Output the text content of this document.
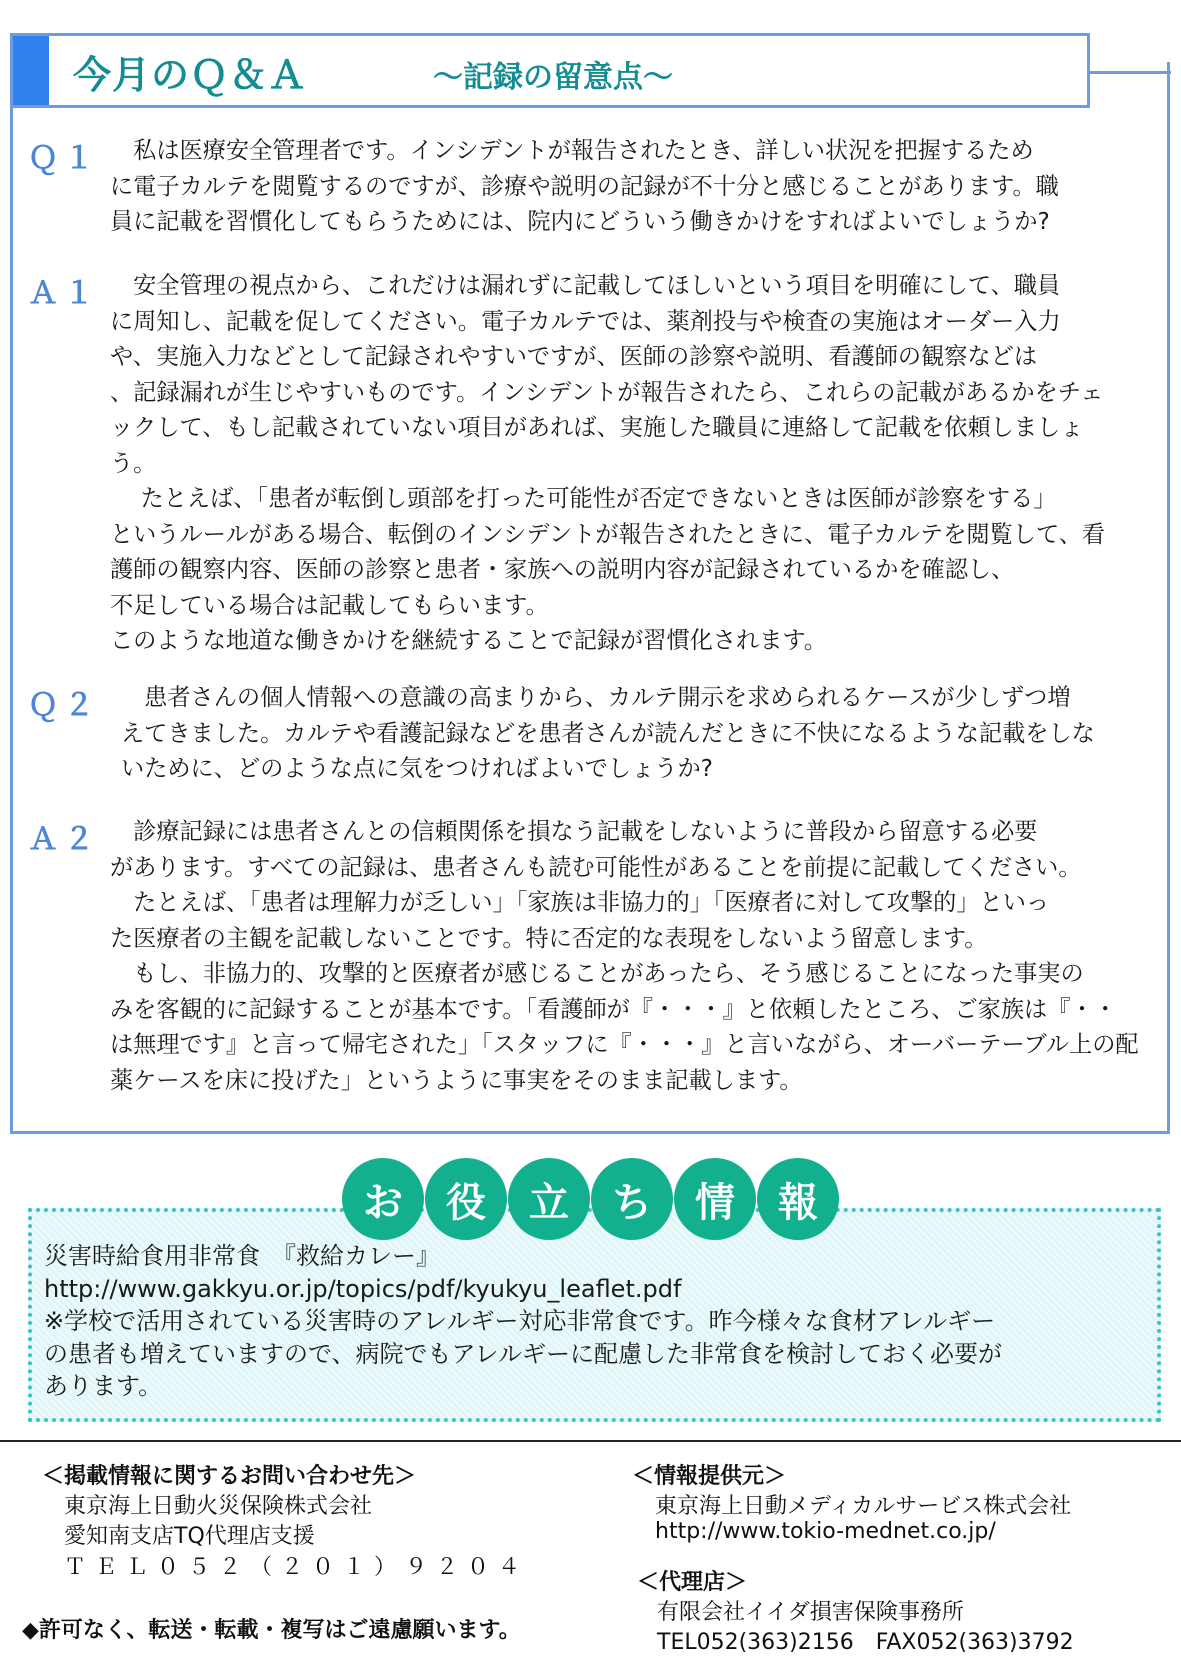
今月のＱ＆Ａ	～記録の留意点～
Ｑ１	　私は医療安全管理者です。インシデントが報告されたとき、詳しい状況を把握するため
に電子カルテを閲覧するのですが、診療や説明の記録が不十分と感じることがあります。職
員に記載を習慣化してもらうためには、院内にどういう働きかけをすればよいでしょうか?
Ａ１	　安全管理の視点から、これだけは漏れずに記載してほしいという項目を明確にして、職員
に周知し、記載を促してください。電子カルテでは、薬剤投与や検査の実施はオーダー入力
や、実施入力などとして記録されやすいですが、医師の診察や説明、看護師の観察などは
、記録漏れが生じやすいものです。インシデントが報告されたら、これらの記載があるかをチェ
ックして、もし記載されていない項目があれば、実施した職員に連絡して記載を依頼しましょ
う。
　 たとえば、「患者が転倒し頭部を打った可能性が否定できないときは医師が診察をする」
というルールがある場合、転倒のインシデントが報告されたときに、電子カルテを閲覧して、看
護師の観察内容、医師の診察と患者・家族への説明内容が記録されているかを確認し、
不足している場合は記載してもらいます。
このような地道な働きかけを継続することで記録が習慣化されます。
Ｑ２	　患者さんの個人情報への意識の高まりから、カルテ開示を求められるケースが少しずつ増
えてきました。カルテや看護記録などを患者さんが読んだときに不快になるような記載をしな
いために、どのような点に気をつければよいでしょうか?
Ａ２	　診療記録には患者さんとの信頼関係を損なう記載をしないように普段から留意する必要
があります。すべての記録は、患者さんも読む可能性があることを前提に記載してください。
　たとえば、「患者は理解力が乏しい」「家族は非協力的」「医療者に対して攻撃的」といっ
た医療者の主観を記載しないことです。特に否定的な表現をしないよう留意します。
　もし、非協力的、攻撃的と医療者が感じることがあったら、そう感じることになった事実の
みを客観的に記録することが基本です。「看護師が『・・・』と依頼したところ、ご家族は『・・
は無理です』と言って帰宅された」「スタッフに『・・・』と言いながら、オーバーテーブル上の配
薬ケースを床に投げた」というように事実をそのまま記載します。
お	役	立	ち	情	報
災害時給食用非常食　『救給カレー』
http://www.gakkyu.or.jp/topics/pdf/kyukyu_leaflet.pdf
※学校で活用されている災害時のアレルギー対応非常食です。昨今様々な食材アレルギー
の患者も増えていますので、病院でもアレルギーに配慮した非常食を検討しておく必要が
あります。
＜掲載情報に関するお問い合わせ先＞
東京海上日動火災保険株式会社
愛知南支店TQ代理店支援
ＴＥＬ０５２（２０１）９２０４
◆許可なく、転送・転載・複写はご遠慮願います。
＜情報提供元＞
東京海上日動メディカルサービス株式会社
http://www.tokio-mednet.co.jp/
＜代理店＞
有限会社イイダ損害保険事務所
TEL052(363)2156　FAX052(363)3792
